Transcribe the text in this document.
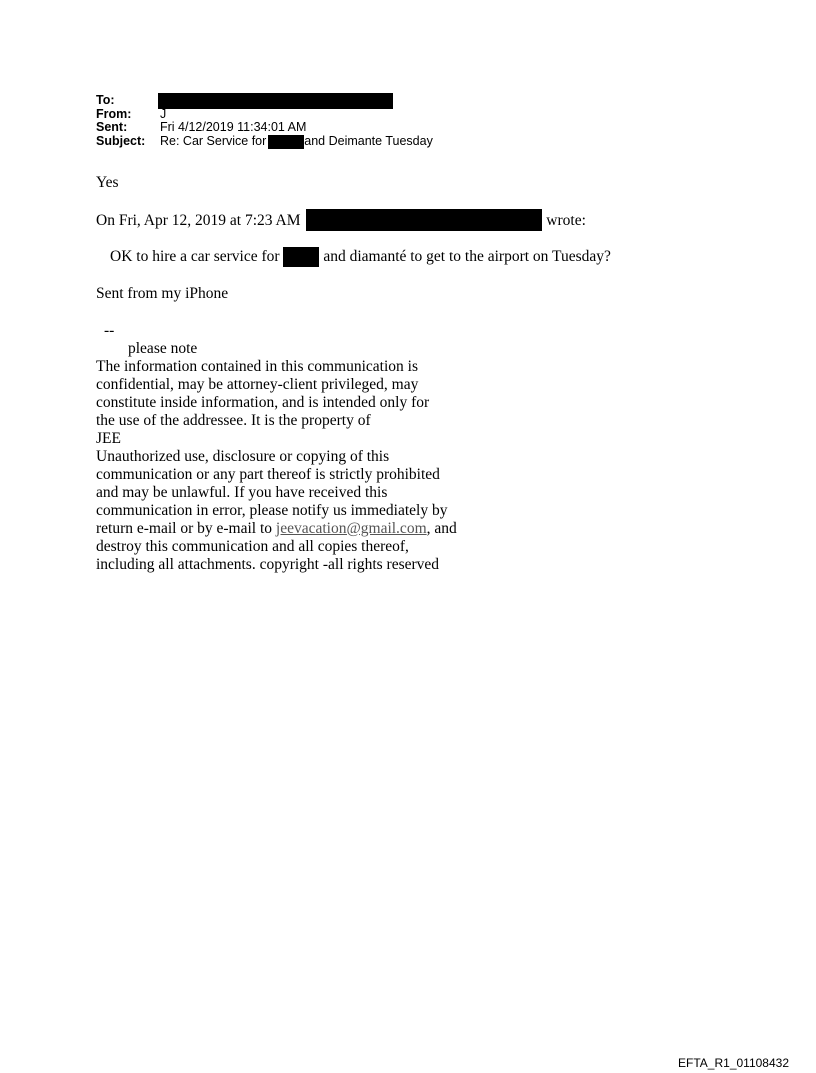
To:
From: J
Sent:	Fri 4/12/2019 11:34:01 AM
Subject: Re: Car Service for	and Deimante Tuesday
Yes
On Fri, Apr 12, 2019 at 7:23 AM	wrote:
OK to hire a car service for	and diamanté to get to the airport on Tuesday?
Sent from my iPhone
--
please note
The information contained in this communication is
confidential, may be attorney-client privileged, may
constitute inside information, and is intended only for
the use of the addressee. It is the property of
JEE
Unauthorized use, disclosure or copying of this
communication or any part thereof is strictly prohibited
and may be unlawful. If you have received this
communication in error, please notify us immediately by
return e-mail or by e-mail to jeevacation@gmail.com, and
destroy this communication and all copies thereof,
including all attachments. copyright -all rights reserved
EFTA_R1_01108432
